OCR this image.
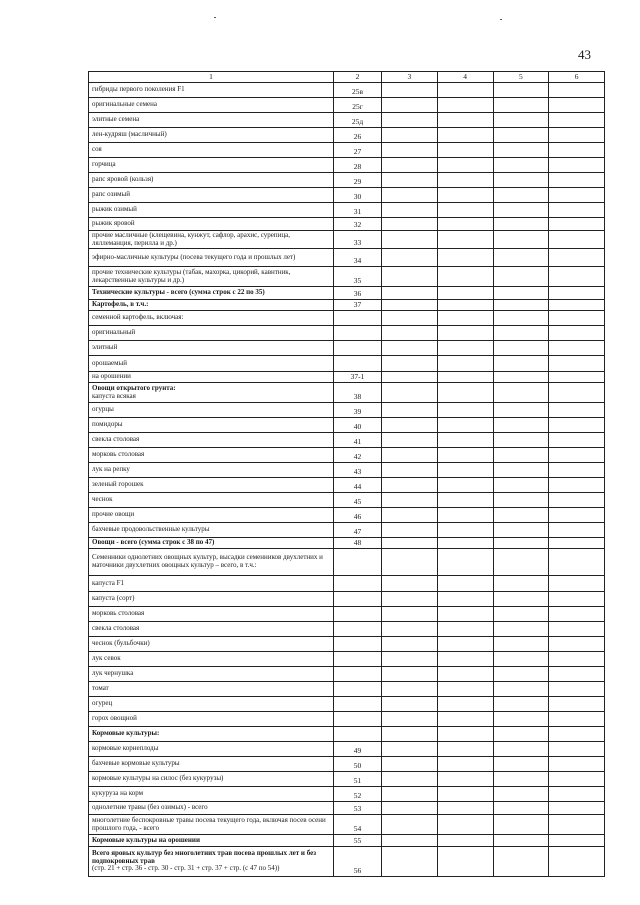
43
1	2	3	4	5	6
гибриды первого поколения F1	25в				
оригинальные семена	25г				
элитные семена	25д				
лен-кудряш (масличный)	26				
соя	27				
горчица	28				
рапс яровой (кользя)	29				
рапс озимый	30				
рыжик озимый	31				
рыжик яровой	32				
прочие масличные (клещевина, кунжут, сафлор, арахис, сурепица, ляллеманция, перилла и др.)	33				
эфирно-масличные культуры (посева текущего года и прошлых лет)	34				
прочие технические культуры (табак, махорка, цикорий, кавнтник, лекарственные культуры и др.)	35				
Технические культуры - всего (сумма строк с 22 по 35)	36				
Картофель, в т.ч.:	37				
семенной картофель, включая:					
оригинальный					
элитный					
орошаемый					
на орошении	37-1				
Овощи открытого грунта:
капуста всякая	38				
огурцы	39				
помидоры	40				
свекла столовая	41				
морковь столовая	42				
лук на репку	43				
зеленый горошек	44				
чеснок	45				
прочие овощи	46				
бахчевые продовольственные культуры	47				
Овощи - всего (сумма строк с 38 по 47)	48				
Семенники однолетних овощных культур, высадки семенников двухлетних и маточники двухлетних овощных культур – всего, в т.ч.:					
капуста F1					
капуста (сорт)					
морковь столовая					
свекла столовая					
чеснок (бульбочки)					
лук севок					
лук чернушка					
томат					
огурец					
горох овощной					
Кормовые культуры:					
кормовые корнеплоды	49				
бахчевые кормовые культуры	50				
кормовые культуры на силос (без кукурузы)	51				
кукуруза на корм	52				
однолетние травы (без озимых) - всего	53				
многолетние беспокровные травы посева текущего года, включая посев осени прошлого года, - всего	54				
Кормовые культуры на орошении	55				
Всего яровых культур без многолетних трав посева прошлых лет и без подпокровных трав
(стр. 21 + стр. 36 - стр. 30 - стр. 31 + стр. 37 + стр. (с 47 по 54))	56				
